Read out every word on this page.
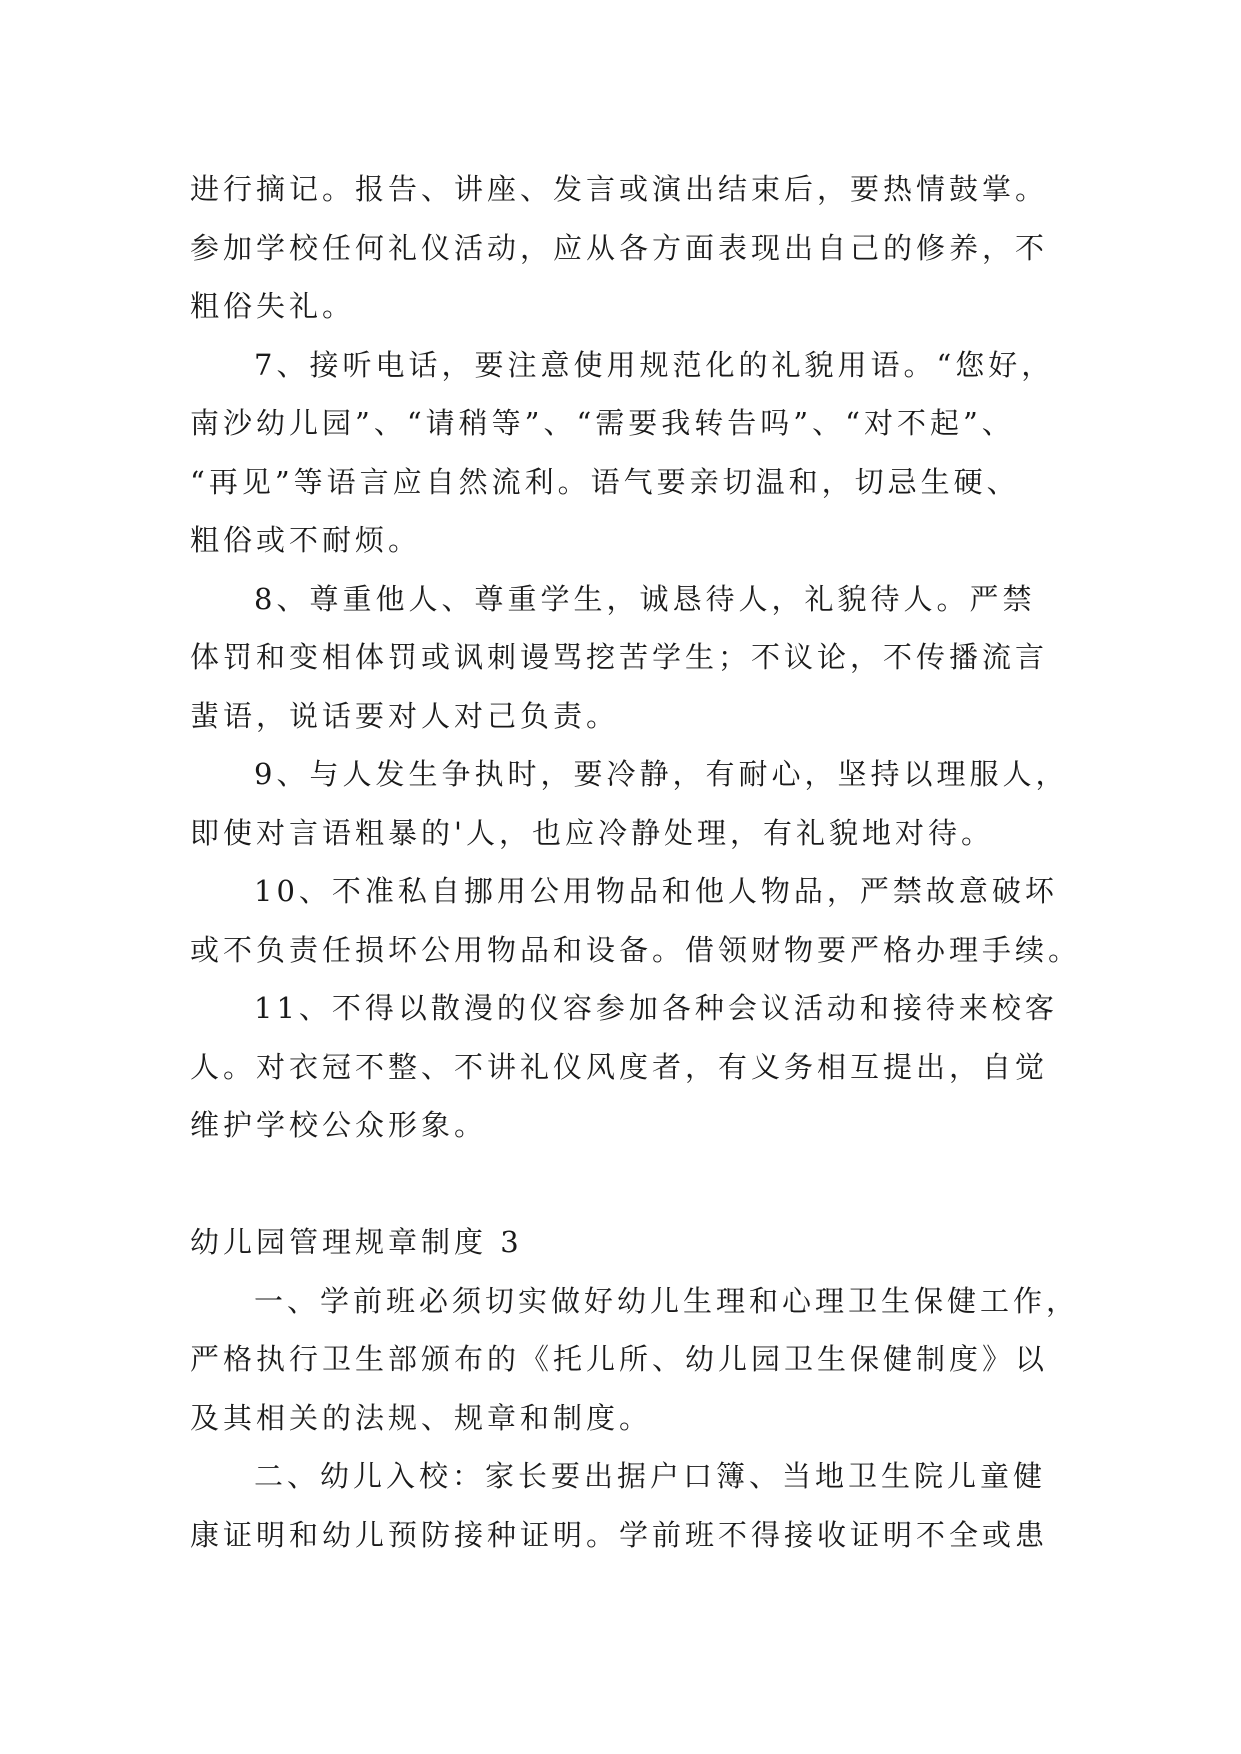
进行摘记。报告、讲座、发言或演出结束后，要热情鼓掌。
参加学校任何礼仪活动，应从各方面表现出自己的修养，不
粗俗失礼。
7、接听电话，要注意使用规范化的礼貌用语。“您好，
南沙幼儿园”、“请稍等”、“需要我转告吗”、“对不起”、
“再见”等语言应自然流利。语气要亲切温和，切忌生硬、
粗俗或不耐烦。
8、尊重他人、尊重学生，诚恳待人，礼貌待人。严禁
体罚和变相体罚或讽刺谩骂挖苦学生；不议论，不传播流言
蜚语，说话要对人对己负责。
9、与人发生争执时，要冷静，有耐心，坚持以理服人，
即使对言语粗暴的'人，也应冷静处理，有礼貌地对待。
10、不准私自挪用公用物品和他人物品，严禁故意破坏
或不负责任损坏公用物品和设备。借领财物要严格办理手续。
11、不得以散漫的仪容参加各种会议活动和接待来校客
人。对衣冠不整、不讲礼仪风度者，有义务相互提出，自觉
维护学校公众形象。
幼儿园管理规章制度 3
一、学前班必须切实做好幼儿生理和心理卫生保健工作，
严格执行卫生部颁布的《托儿所、幼儿园卫生保健制度》以
及其相关的法规、规章和制度。
二、幼儿入校：家长要出据户口簿、当地卫生院儿童健
康证明和幼儿预防接种证明。学前班不得接收证明不全或患
